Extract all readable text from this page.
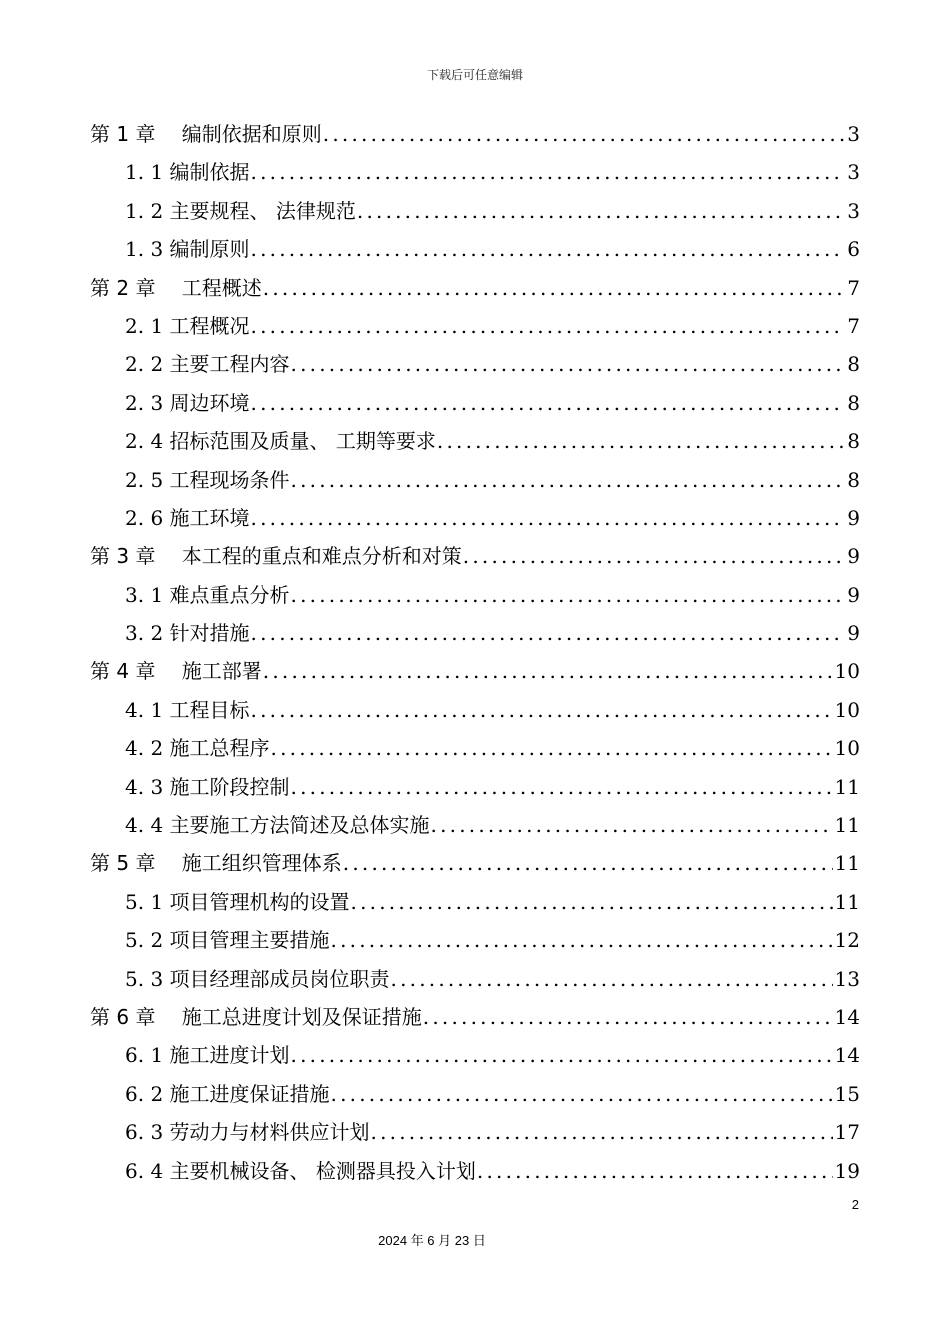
下载后可任意编辑
第 1 章　 编制依据和原则 .....	3
1. 1 编制依据 .....	3
1. 2 主要规程、 法律规范 .....	3
1. 3 编制原则 .....	6
第 2 章　 工程概述 .....	7
2. 1 工程概况 .....	7
2. 2 主要工程内容 .....	8
2. 3 周边环境 .....	8
2. 4 招标范围及质量、 工期等要求 .....	8
2. 5 工程现场条件 .....	8
2. 6 施工环境 .....	9
第 3 章　 本工程的重点和难点分析和对策 .....	9
3. 1 难点重点分析 .....	9
3. 2 针对措施 .....	9
第 4 章　 施工部署 .....	10
4. 1 工程目标 .....	10
4. 2 施工总程序 .....	10
4. 3 施工阶段控制 .....	11
4. 4 主要施工方法简述及总体实施 .....	11
第 5 章　 施工组织管理体系 .....	11
5. 1 项目管理机构的设置 .....	11
5. 2 项目管理主要措施 .....	12
5. 3 项目经理部成员岗位职责 .....	13
第 6 章　 施工总进度计划及保证措施 .....	14
6. 1 施工进度计划 .....	14
6. 2 施工进度保证措施 .....	15
6. 3 劳动力与材料供应计划 .....	17
6. 4 主要机械设备、 检测器具投入计划 .....	19
2
2024 年 6 月 23 日
